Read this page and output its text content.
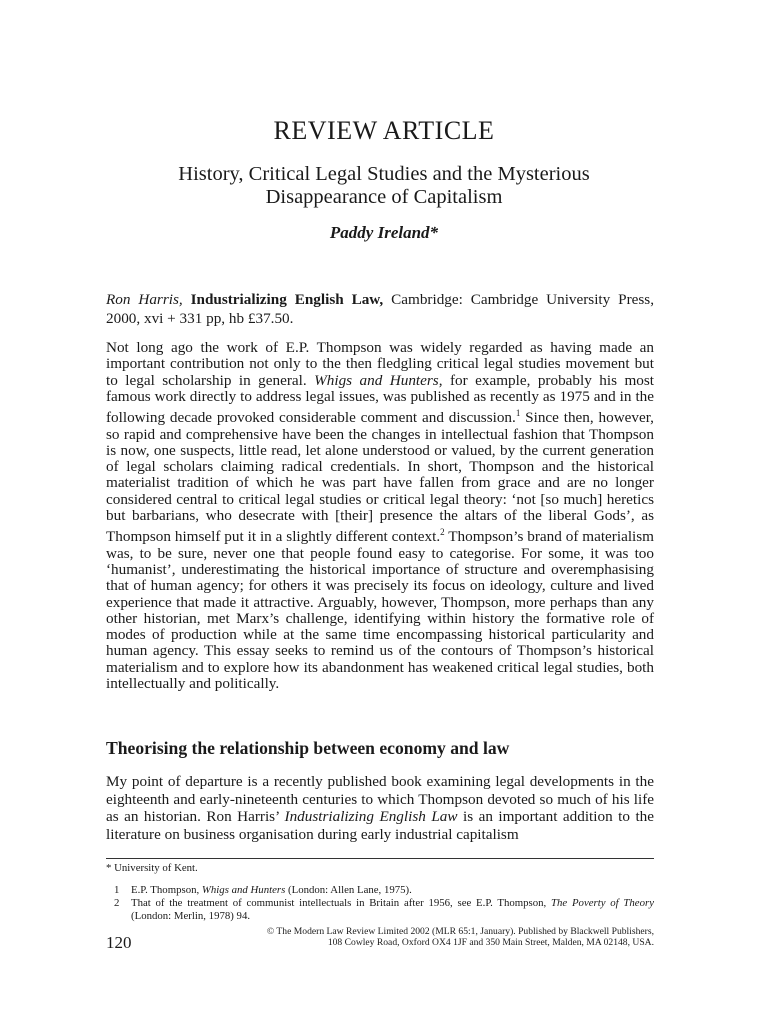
REVIEW ARTICLE
History, Critical Legal Studies and the Mysterious
Disappearance of Capitalism
Paddy Ireland*
Ron Harris, Industrializing English Law, Cambridge: Cambridge University Press, 2000, xvi + 331 pp, hb £37.50.
Not long ago the work of E.P. Thompson was widely regarded as having made an important contribution not only to the then fledgling critical legal studies movement but to legal scholarship in general. Whigs and Hunters, for example, probably his most famous work directly to address legal issues, was published as recently as 1975 and in the following decade provoked considerable comment and discussion.$^1$ Since then, however, so rapid and comprehensive have been the changes in intellectual fashion that Thompson is now, one suspects, little read, let alone understood or valued, by the current generation of legal scholars claiming radical credentials. In short, Thompson and the historical materialist tradition of which he was part have fallen from grace and are no longer considered central to critical legal studies or critical legal theory: ‘not [so much] heretics but barbarians, who desecrate with [their] presence the altars of the liberal Gods’, as Thompson himself put it in a slightly different context.$^2$ Thompson’s brand of materialism was, to be sure, never one that people found easy to categorise. For some, it was too ‘humanist’, underestimating the historical importance of structure and overemphasising that of human agency; for others it was precisely its focus on ideology, culture and lived experience that made it attractive. Arguably, however, Thompson, more perhaps than any other historian, met Marx’s challenge, identifying within history the formative role of modes of production while at the same time encompassing historical particularity and human agency. This essay seeks to remind us of the contours of Thompson’s historical materialism and to explore how its abandonment has weakened critical legal studies, both intellectually and politically.
Theorising the relationship between economy and law
My point of departure is a recently published book examining legal developments in the eighteenth and early-nineteenth centuries to which Thompson devoted so much of his life as an historian. Ron Harris’ Industrializing English Law is an important addition to the literature on business organisation during early industrial capitalism
* University of Kent.
1 E.P. Thompson, Whigs and Hunters (London: Allen Lane, 1975).
2 That of the treatment of communist intellectuals in Britain after 1956, see E.P. Thompson, The Poverty of Theory (London: Merlin, 1978) 94.
120
© The Modern Law Review Limited 2002 (MLR 65:1, January). Published by Blackwell Publishers,
108 Cowley Road, Oxford OX4 1JF and 350 Main Street, Malden, MA 02148, USA.
